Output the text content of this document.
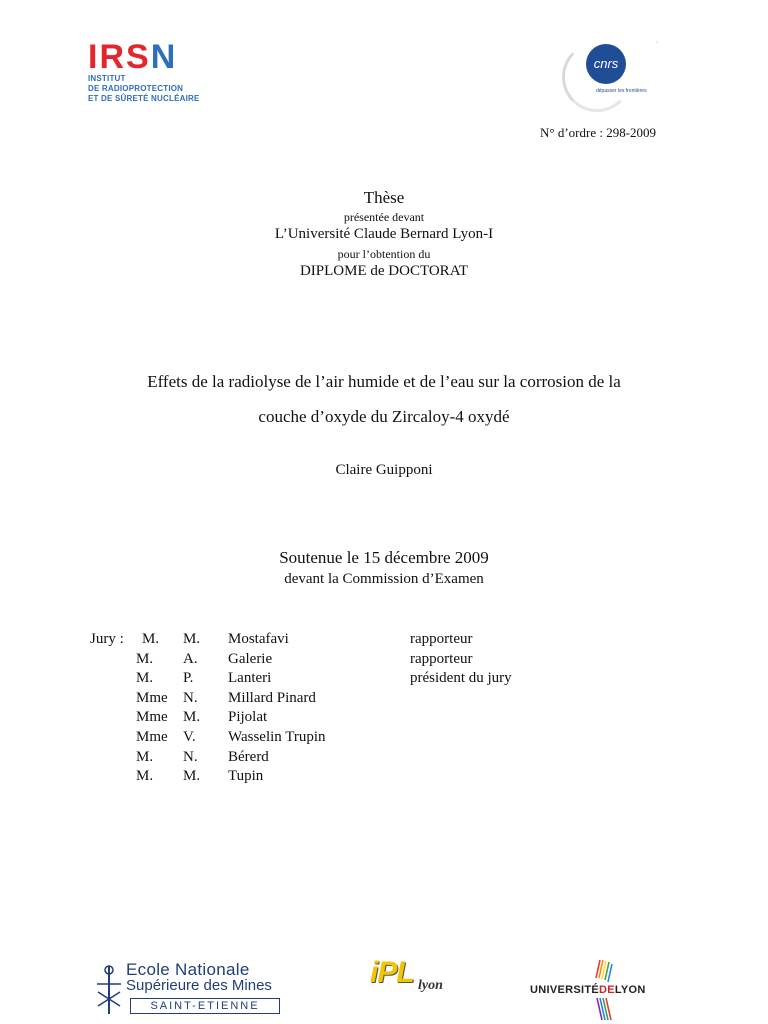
IRSN
INSTITUT
DE RADIOPROTECTION
ET DE SÛRETÉ NUCLÉAIRE
cnrs
dépasser les frontières
·
N° d’ordre : 298-2009
Thèse
présentée devant
L’Université Claude Bernard Lyon-I
pour l’obtention du
DIPLOME de DOCTORAT
Effets de la radiolyse de l’air humide et de l’eau sur la corrosion de la
couche d’oxyde du Zircaloy-4 oxydé
Claire Guipponi
Soutenue le 15 décembre 2009
devant la Commission d’Examen
Jury : M. M. Mostafavi	rapporteur
M. A. Galerie	rapporteur
M. P. Lanteri	président du jury
Mme N. Millard Pinard
Mme M. Pijolat
Mme V. Wasselin Trupin
M. N. Bérerd
M. M. Tupin
Ecole Nationale
Supérieure des Mines
SAINT-ETIENNE
iPL lyon	UNIVERSITÉDELYON
